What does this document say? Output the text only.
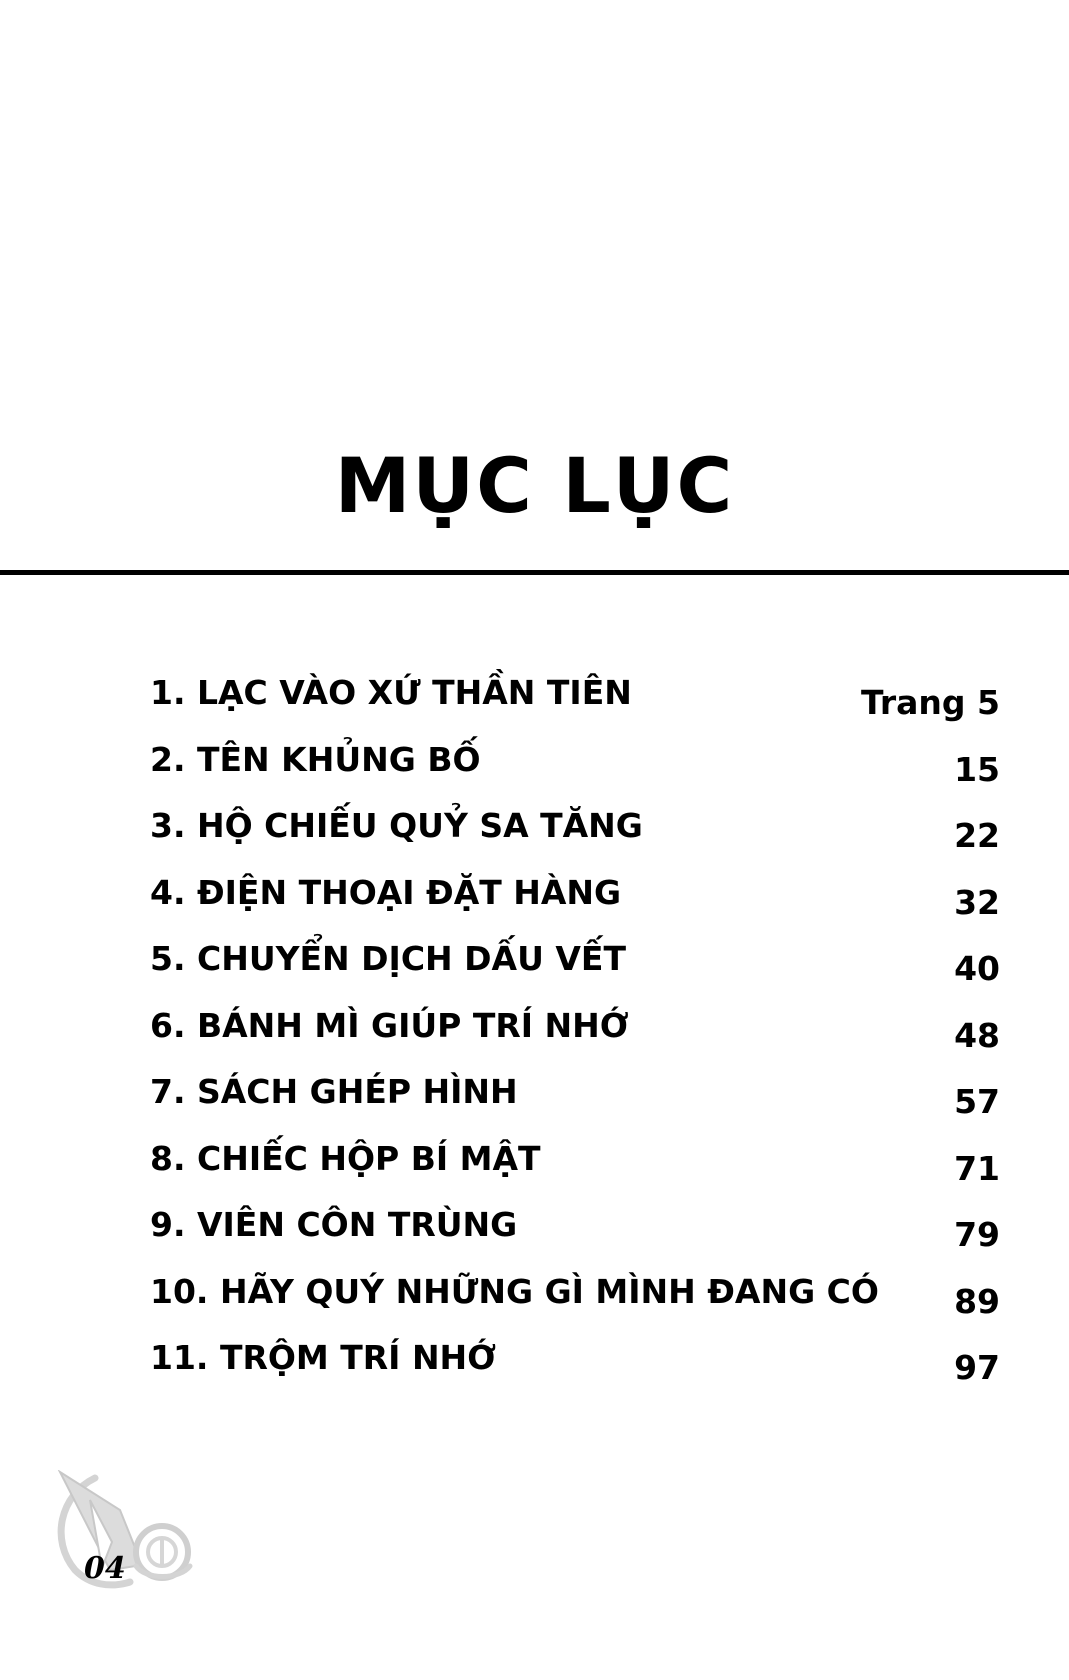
MỤC LỤC
1. LẠC VÀO XỨ THẦN TIÊN	Trang 5
2. TÊN KHỦNG BỐ	15
3. HỘ CHIẾU QUỶ SA TĂNG	22
4. ĐIỆN THOẠI ĐẶT HÀNG	32
5. CHUYỂN DỊCH DẤU VẾT	40
6. BÁNH MÌ GIÚP TRÍ NHỚ	48
7. SÁCH GHÉP HÌNH	57
8. CHIẾC HỘP BÍ MẬT	71
9. VIÊN CÔN TRÙNG	79
10. HÃY QUÝ NHỮNG GÌ MÌNH ĐANG CÓ 89
11. TRỘM TRÍ NHỚ	97
04
